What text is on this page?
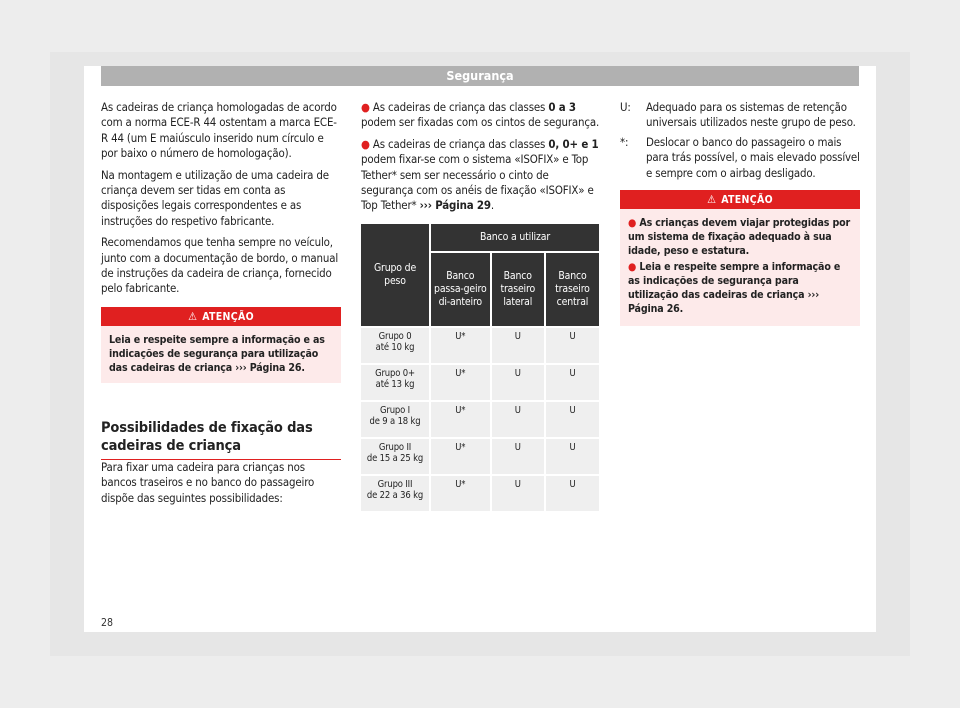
Segurança

As cadeiras de criança homologadas de acordo com a norma ECE-R 44 ostentam a marca ECE-R 44 (um E maiúsculo inserido num círculo e por baixo o número de homologação).

Na montagem e utilização de uma cadeira de criança devem ser tidas em conta as disposições legais correspondentes e as instruções do respetivo fabricante.

Recomendamos que tenha sempre no veículo, junto com a documentação de bordo, o manual de instruções da cadeira de criança, fornecido pelo fabricante.

⚠ ATENÇÃO
Leia e respeite sempre a informação e as indicações de segurança para utilização das cadeiras de criança ››› Página 26.
Possibilidades de fixação das cadeiras de criança

Para fixar uma cadeira para crianças nos bancos traseiros e no banco do passageiro dispõe das seguintes possibilidades:

● As cadeiras de criança das classes 0 a 3 podem ser fixadas com os cintos de segurança.

● As cadeiras de criança das classes 0, 0+ e 1 podem fixar-se com o sistema «ISOFIX» e Top Tether* sem ser necessário o cinto de segurança com os anéis de fixação «ISOFIX» e Top Tether* ››› Página 29.

Grupo de peso	Banco a utilizar		
	Banco passa-geiro di-anteiro	Banco traseiro lateral	Banco traseiro central
Grupo 0
até 10 kg	U*	U	U
Grupo 0+
até 13 kg	U*	U	U
Grupo I
de 9 a 18 kg	U*	U	U
Grupo II
de 15 a 25 kg	U*	U	U
Grupo III
de 22 a 36 kg	U*	U	U
U:	Adequado para os sistemas de retenção universais utilizados neste grupo de peso.
*:	Deslocar o banco do passageiro o mais para trás possível, o mais elevado possível e sempre com o airbag desligado.
⚠ ATENÇÃO
● As crianças devem viajar protegidas por um sistema de fixação adequado à sua idade, peso e estatura.
● Leia e respeite sempre a informação e as indicações de segurança para utilização das cadeiras de criança ››› Página 26.
28
